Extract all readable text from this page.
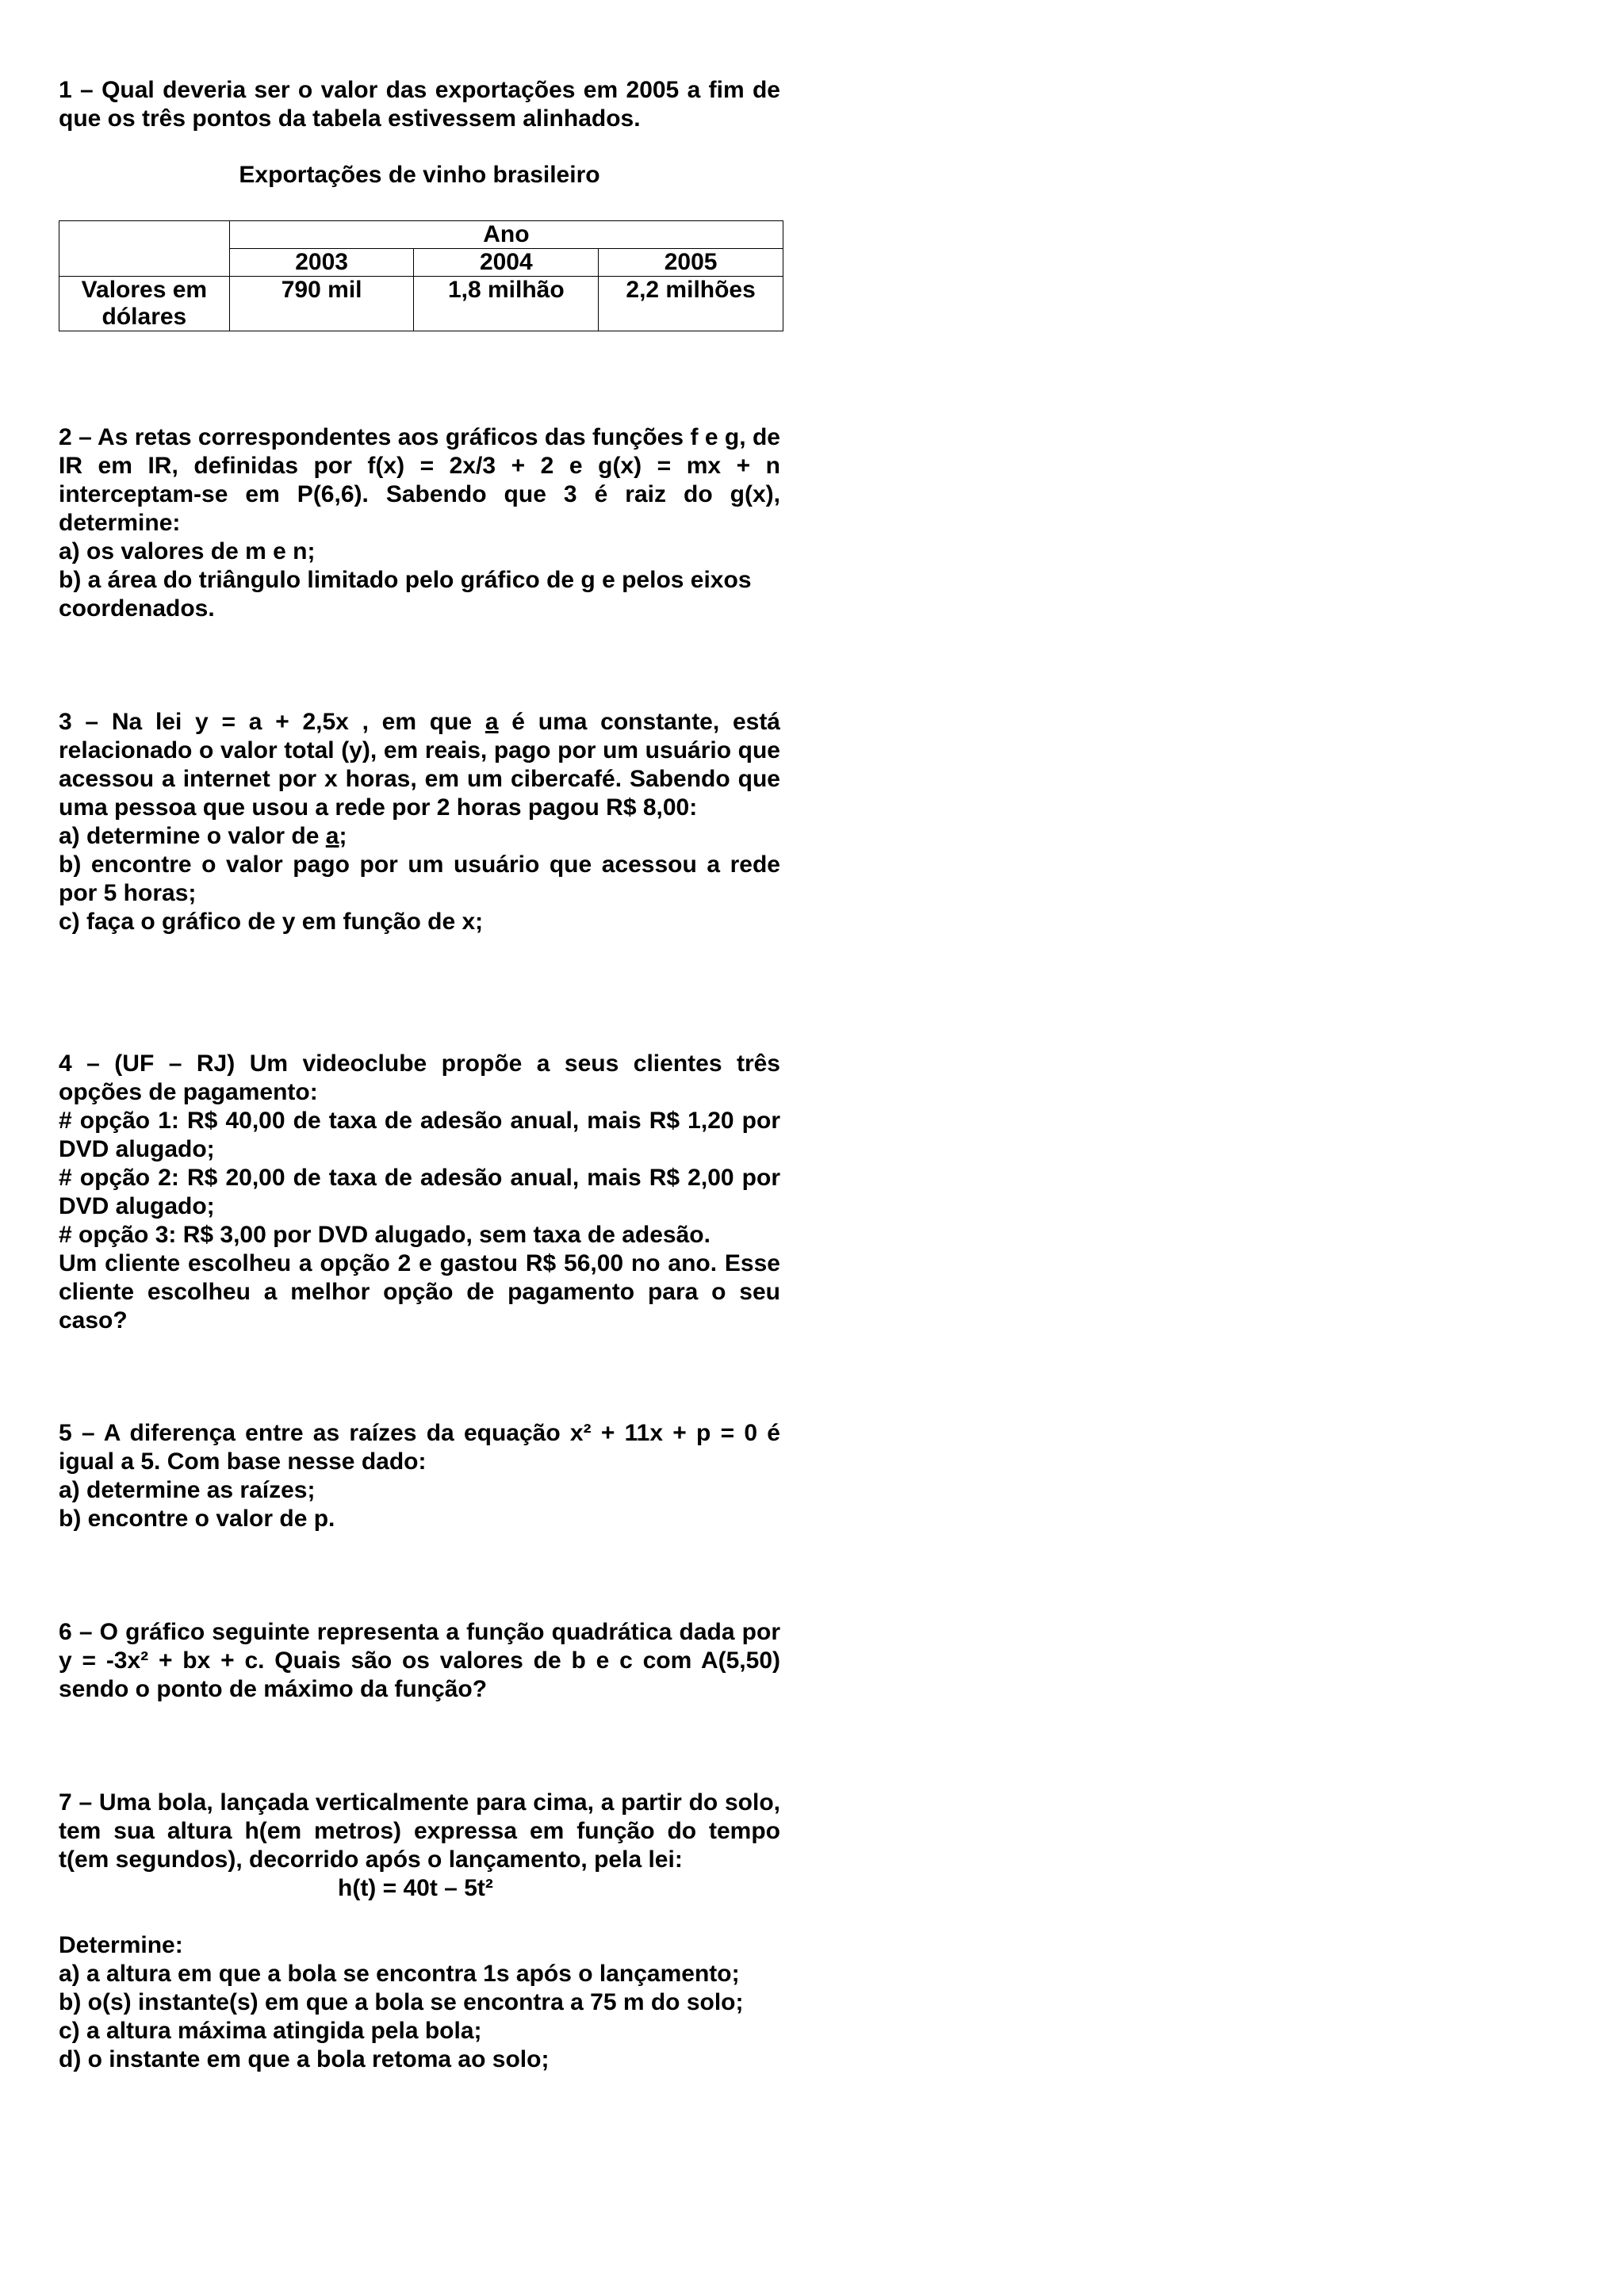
1 – Qual deveria ser o valor das exportações em 2005 a fim de que os três pontos da tabela estivessem alinhados.
Exportações de vinho brasileiro
	Ano		
	2003	2004	2005
Valores em dólares	790 mil	1,8 milhão	2,2 milhões
2 – As retas correspondentes aos gráficos das funções f e g, de IR em IR, definidas por f(x) = 2x/3 + 2 e g(x) = mx + n interceptam-se em P(6,6). Sabendo que 3 é raiz do g(x), determine:
a) os valores de m e n;
b) a área do triângulo limitado pelo gráfico de g e pelos eixos coordenados.
3 – Na lei y = a + 2,5x , em que a é uma constante, está relacionado o valor total (y), em reais, pago por um usuário que acessou a internet por x horas, em um cibercafé. Sabendo que uma pessoa que usou a rede por 2 horas pagou R$ 8,00:
a) determine o valor de a;
b) encontre o valor pago por um usuário que acessou a rede por 5 horas;
c) faça o gráfico de y em função de x;
4 – (UF – RJ) Um videoclube propõe a seus clientes três opções de pagamento:
# opção 1: R$ 40,00 de taxa de adesão anual, mais R$ 1,20 por DVD alugado;
# opção 2: R$ 20,00 de taxa de adesão anual, mais R$ 2,00 por DVD alugado;
# opção 3: R$ 3,00 por DVD alugado, sem taxa de adesão.
Um cliente escolheu a opção 2 e gastou R$ 56,00 no ano. Esse cliente escolheu a melhor opção de pagamento para o seu caso?
5 – A diferença entre as raízes da equação x² + 11x + p = 0 é igual a 5. Com base nesse dado:
a) determine as raízes;
b) encontre o valor de p.
6 – O gráfico seguinte representa a função quadrática dada por y = -3x² + bx + c. Quais são os valores de b e c com A(5,50) sendo o ponto de máximo da função?
7 – Uma bola, lançada verticalmente para cima, a partir do solo, tem sua altura h(em metros) expressa em função do tempo t(em segundos), decorrido após o lançamento, pela lei:
h(t) = 40t – 5t²
Determine:
a) a altura em que a bola se encontra 1s após o lançamento;
b) o(s) instante(s) em que a bola se encontra a 75 m do solo;
c) a altura máxima atingida pela bola;
d) o instante em que a bola retoma ao solo;
